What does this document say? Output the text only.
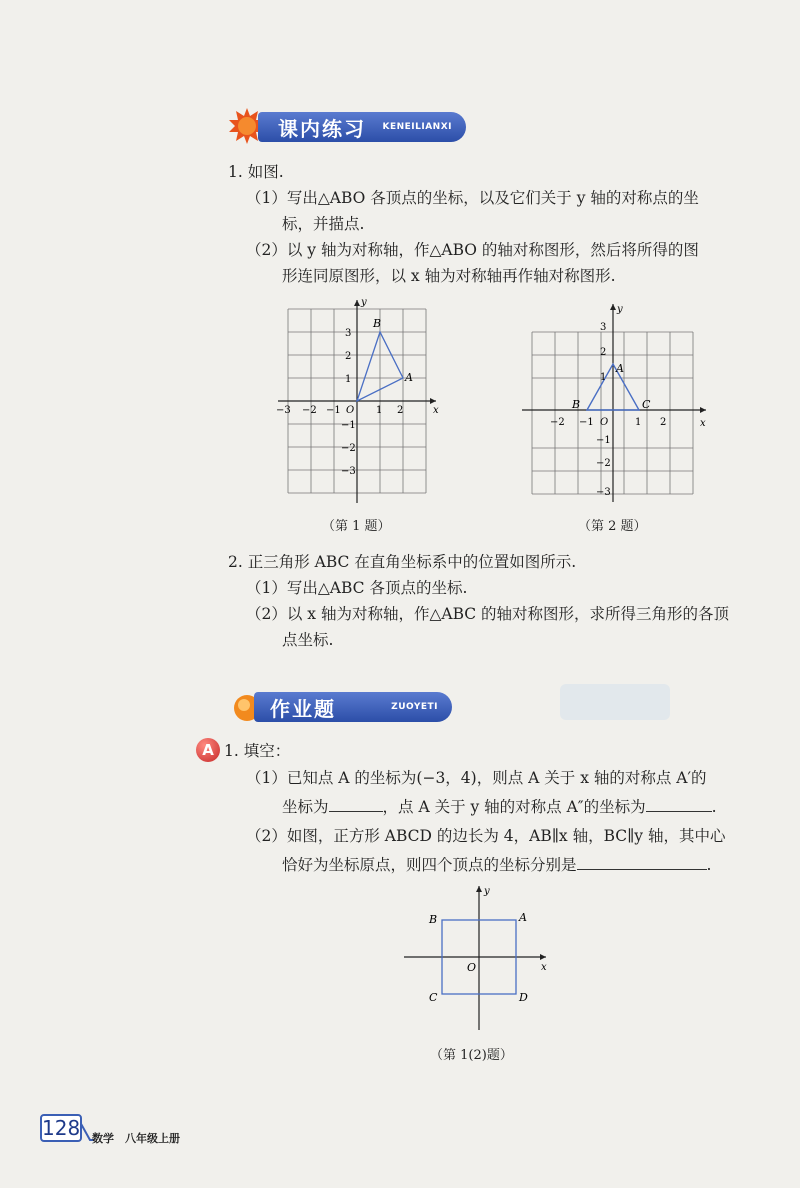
课内练习 KENEILIANXI
1. 如图.
（1）写出△ABO 各顶点的坐标，以及它们关于 y 轴的对称点的坐
标，并描点.
（2）以 y 轴为对称轴，作△ABO 的轴对称图形，然后将所得的图
形连同原图形，以 x 轴为对称轴再作轴对称图形.
B
A
−3 −2 −1 O 1 2	x
3
2
1
−1
−2
−3
y
（第 1 题）
A
B	C
−2 −1 O	1 2	x
3
2
1
−1
−2
−3
y
（第 2 题）
2. 正三角形 ABC 在直角坐标系中的位置如图所示.
（1）写出△ABC 各顶点的坐标.
（2）以 x 轴为对称轴，作△ABC 的轴对称图形，求所得三角形的各顶
点坐标.
作业题	ZUOYETI
A 1. 填空：
（1）已知点 A 的坐标为(−3，4)，则点 A 关于 x 轴的对称点 A′的
坐标为	，点 A 关于 y 轴的对称点 A″的坐标为	.
（2）如图，正方形 ABCD 的边长为 4，AB∥x 轴，BC∥y 轴，其中心
恰好为坐标原点，则四个顶点的坐标分别是	.
B	A
C	D
O	x
y
（第 1(2)题）
128 数学　八年级上册
